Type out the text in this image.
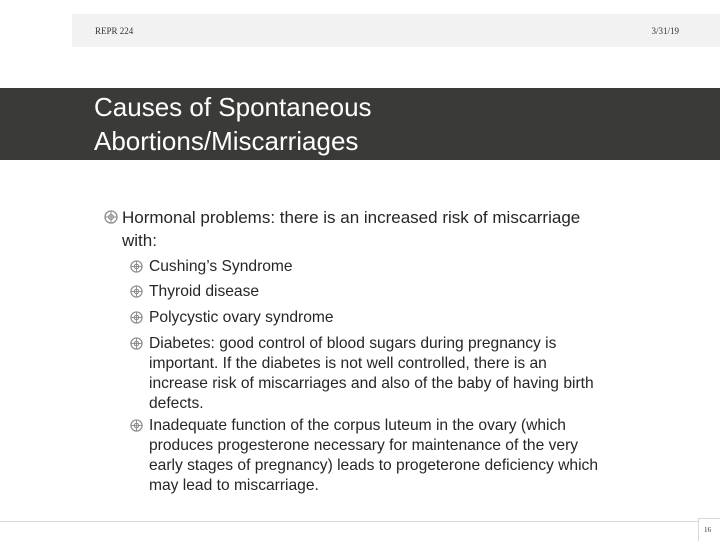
REPR 224	3/31/19
Causes of Spontaneous
Abortions/Miscarriages
Hormonal problems: there is an increased risk of miscarriage
with:
Cushing’s Syndrome
Thyroid disease
Polycystic ovary syndrome
Diabetes: good control of blood sugars during pregnancy is
important. If the diabetes is not well controlled, there is an
increase risk of miscarriages and also of the baby of having birth
defects.
Inadequate function of the corpus luteum in the ovary (which
produces progesterone necessary for maintenance of the very
early stages of pregnancy) leads to progeterone deficiency which
may lead to miscarriage.
16
